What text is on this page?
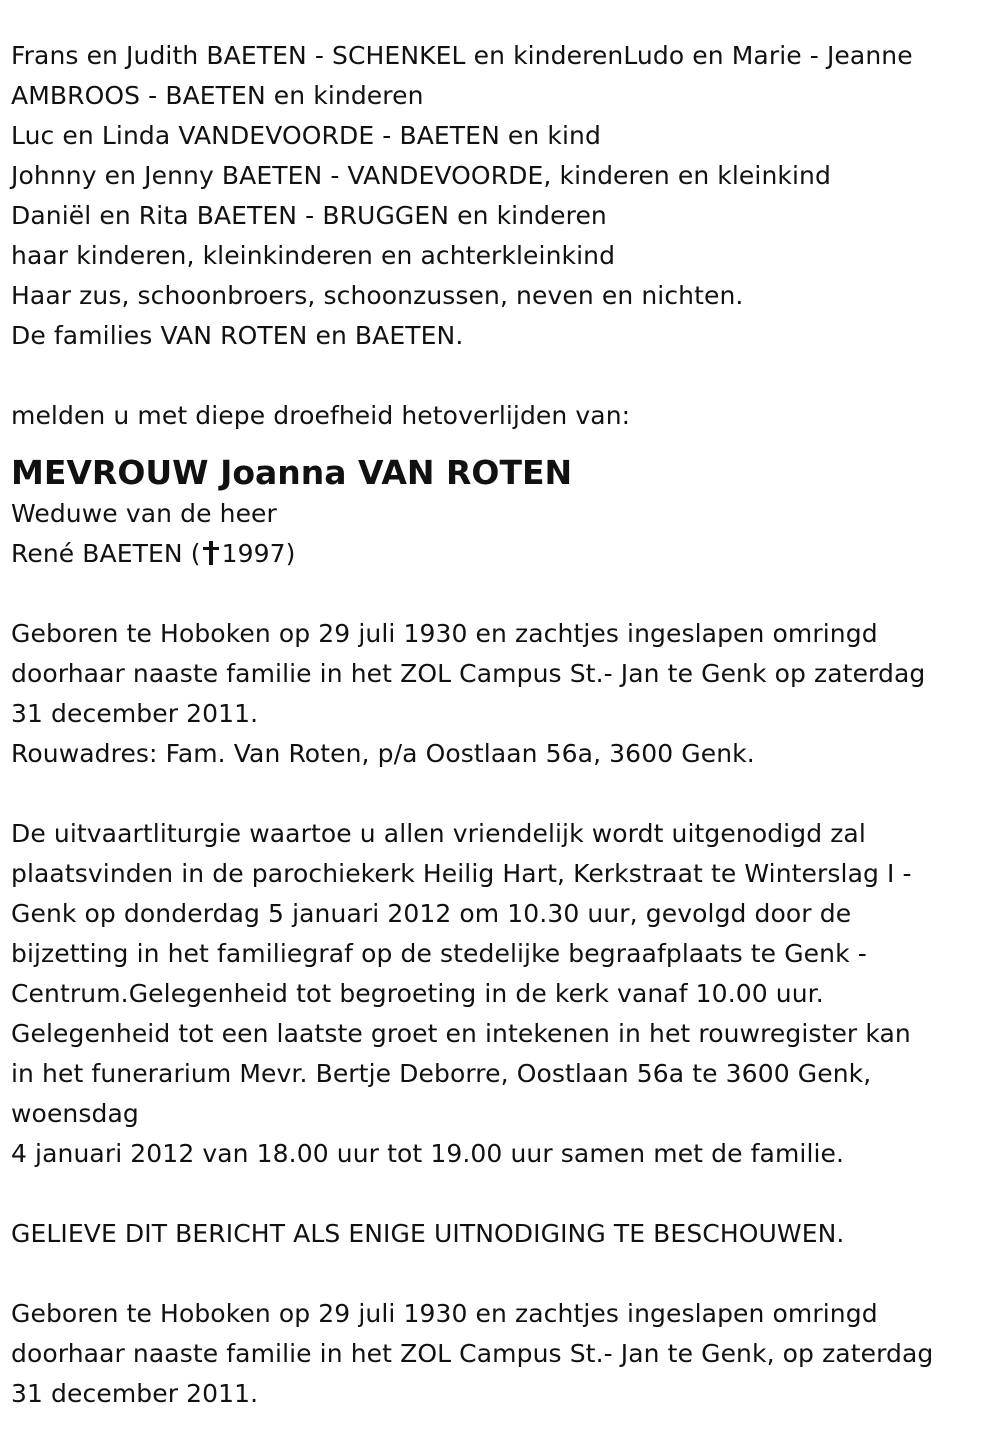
Frans en Judith BAETEN - SCHENKEL en kinderenLudo en Marie - Jeanne
AMBROOS - BAETEN en kinderen
Luc en Linda VANDEVOORDE - BAETEN en kind
Johnny en Jenny BAETEN - VANDEVOORDE, kinderen en kleinkind
Daniël en Rita BAETEN - BRUGGEN en kinderen
haar kinderen, kleinkinderen en achterkleinkind
Haar zus, schoonbroers, schoonzussen, neven en nichten.
De families VAN ROTEN en BAETEN.
melden u met diepe droefheid hetoverlijden van:
MEVROUW Joanna VAN ROTEN
Weduwe van de heer
René BAETEN ( 1997)
Geboren te Hoboken op 29 juli 1930 en zachtjes ingeslapen omringd
doorhaar naaste familie in het ZOL Campus St.- Jan te Genk op zaterdag
31 december 2011.
Rouwadres: Fam. Van Roten, p/a Oostlaan 56a, 3600 Genk.
De uitvaartliturgie waartoe u allen vriendelijk wordt uitgenodigd zal
plaatsvinden in de parochiekerk Heilig Hart, Kerkstraat te Winterslag I -
Genk op donderdag 5 januari 2012 om 10.30 uur, gevolgd door de
bijzetting in het familiegraf op de stedelijke begraafplaats te Genk -
Centrum.Gelegenheid tot begroeting in de kerk vanaf 10.00 uur.
Gelegenheid tot een laatste groet en intekenen in het rouwregister kan
in het funerarium Mevr. Bertje Deborre, Oostlaan 56a te 3600 Genk,
woensdag
4 januari 2012 van 18.00 uur tot 19.00 uur samen met de familie.
GELIEVE DIT BERICHT ALS ENIGE UITNODIGING TE BESCHOUWEN.
Geboren te Hoboken op 29 juli 1930 en zachtjes ingeslapen omringd
doorhaar naaste familie in het ZOL Campus St.- Jan te Genk, op zaterdag
31 december 2011.
